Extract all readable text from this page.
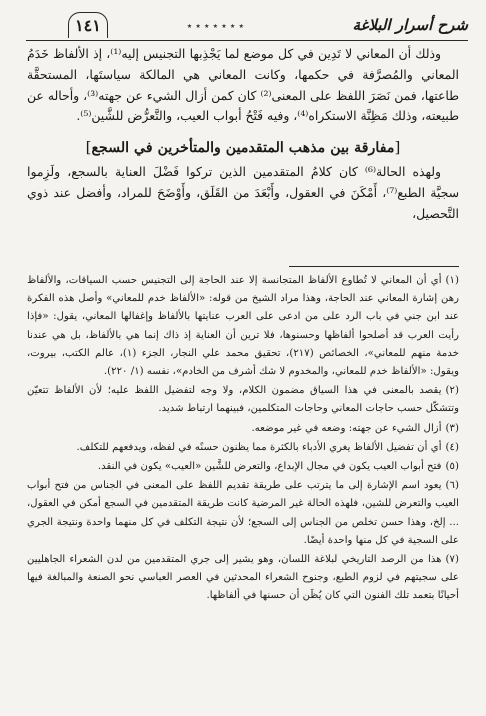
شرح أسرار البلاغة
٭ ٭ ٭ ٭ ٭ ٭ ٭
١٤١

وذلك أن المعاني لا تَدِين في كل موضع لما يَجْذِبها التجنيس إليه⁽¹⁾، إذ الألفاظ خَدَمُ المعاني والمُصرَّفة في حكمها، وكانت المعاني هي المالكة سياستَها، المستحقَّة طاعتها، فمن نَصَرَ اللفظ على المعنى⁽²⁾ كان كمن أزال الشيء عن جهته⁽³⁾، وأحاله عن طبيعته، وذلك مَظِنَّة الاستكراه⁽⁴⁾، وفيه فَتْحُ أبواب العيب، والتَّعرُّض للشَّين⁽⁵⁾.

[مفارقة بين مذهب المتقدمين والمتأخرين في السجع]

ولهذه الحالة⁽⁶⁾ كان كلامُ المتقدمين الذين تركوا فَضْلَ العناية بالسجع، ولَزِموا سجيَّة الطبع⁽⁷⁾، أَمْكَنَ في العقول، وأَبْعَدَ من القَلَق، وأَوْضَحَ للمراد، وأفضل عند ذوي التَّحصيل،

(١)أي أن المعاني لا تُطاوع الألفاظ المتجانسة إلا عند الحاجة إلى التجنيس حسب السياقات، والألفاظ رهن إشارة المعاني عند الحاجة، وهذا مراد الشيخ من قوله: «الألفاظ خدم للمعاني» وأصل هذه الفكرة عند ابن جني في باب الرد على من ادعى على العرب عنايتها بالألفاظ وإغفالها المعاني، يقول: «فإذا رأيت العرب قد أصلحوا ألفاظها وحسنوها، فلا ترين أن العناية إذ ذاك إنما هي بالألفاظ، بل هي عندنا خدمة منهم للمعاني»، الخصائص (٢١٧)، تحقيق محمد علي النجار، الجزء (١)، عالم الكتب، بيروت، ويقول: «الألفاظ خدم للمعاني، والمخدوم لا شك أشرف من الخادم»، نفسه (١/ ٢٢٠).

(٢)يقصد بالمعنى في هذا السياق مضمون الكلام، ولا وجه لتفضيل اللفظ عليه؛ لأن الألفاظ تتعيّن وتتشكّل حسب حاجات المعاني وحاجات المتكلمين، فبينهما ارتباط شديد.

(٣)أزال الشيء عن جهته: وضعه في غير موضعه.

(٤)أي أن تفضيل الألفاظ يغري الأدباء بالكثرة مما يظنون حسنًه في لفظه، ويدفعهم للتكلف.

(٥)فتح أبواب العيب يكون في مجال الإبداع، والتعرض للشَّين «العيب» يكون في النقد.

(٦)يعود اسم الإشارة إلى ما يترتب على طريقة تقديم اللفظ على المعنى في الجناس من فتح أبواب العيب والتعرض للشين، فلهذه الحالة غير المرضية كانت طريقة المتقدمين في السجع أمكن في العقول، ... إلخ، وهذا حسن تخلص من الجناس إلى السجع؛ لأن نتيجة التكلف في كل منهما واحدة ونتيجة الجري على السجية في كل منها واحدة أيضًا.

(٧)هذا من الرصد التاريخي لبلاغة اللسان، وهو يشير إلى جري المتقدمين من لدن الشعراء الجاهليين على سجيتهم في لزوم الطبع، وجنوح الشعراء المحدثين في العصر العباسي نحو الصنعة والمبالغة فيها أحيانًا بتعمد تلك الفنون التي كان يُظَن أن حسنها في ألفاظها.
